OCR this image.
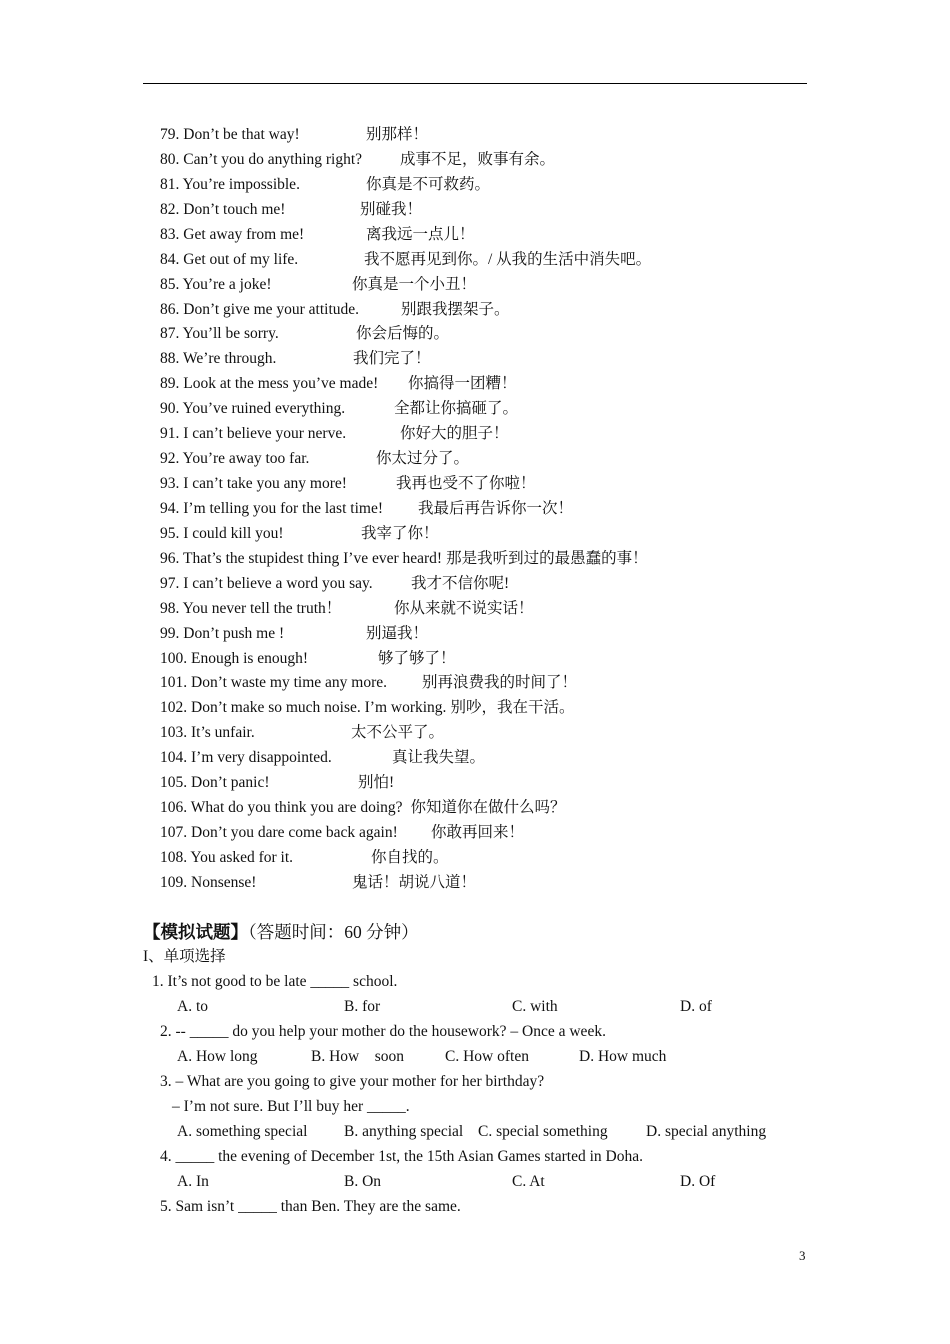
79. Don’t be that way!	别那样！
80. Can’t you do anything right? 成事不足，败事有余。
81. You’re impossible.	你真是不可救药。
82. Don’t touch me!	别碰我！
83. Get away from me!	离我远一点儿！
84. Get out of my life.	我不愿再见到你。/ 从我的生活中消失吧。
85. You’re a joke!	你真是一个小丑！
86. Don’t give me your attitude.	别跟我摆架子。
87. You’ll be sorry.	你会后悔的。
88. We’re through.	我们完了！
89. Look at the mess you’ve made! 你搞得一团糟！
90. You’ve ruined everything.	全都让你搞砸了。
91. I can’t believe your nerve.	你好大的胆子！
92. You’re away too far.	你太过分了。
93. I can’t take you any more!	我再也受不了你啦！
94. I’m telling you for the last time! 我最后再告诉你一次！
95. I could kill you!	我宰了你！
96. That’s the stupidest thing I’ve ever heard! 那是我听到过的最愚蠢的事！
97. I can’t believe a word you say. 我才不信你呢!
98. You never tell the truth！	你从来就不说实话！
99. Don’t push me !	别逼我！
100. Enough is enough!	够了够了！
101. Don’t waste my time any more. 别再浪费我的时间了！
102. Don’t make so much noise. I’m working. 别吵，我在干活。
103. It’s unfair.	太不公平了。
104. I’m very disappointed.	真让我失望。
105. Don’t panic!	别怕!
106. What do you think you are doing? 你知道你在做什么吗？
107. Don’t you dare come back again! 你敢再回来！
108. You asked for it.	你自找的。
109. Nonsense!	鬼话！胡说八道！
【模拟试题】（答题时间：60 分钟）
I、单项选择
1. It’s not good to be late _____ school.
A. to	B. for	C. with	D. of
2. -- _____ do you help your mother do the housework? – Once a week.
A. How long	B. How    soon	C. How often	D. How much
3. – What are you going to give your mother for her birthday?
– I’m not sure. But I’ll buy her _____.
A. something special B. anything special C. special something D. special anything
4. _____ the evening of December 1st, the 15th Asian Games started in Doha.
A. In	B. On	C. At	D. Of
5. Sam isn’t _____ than Ben. They are the same.
3
